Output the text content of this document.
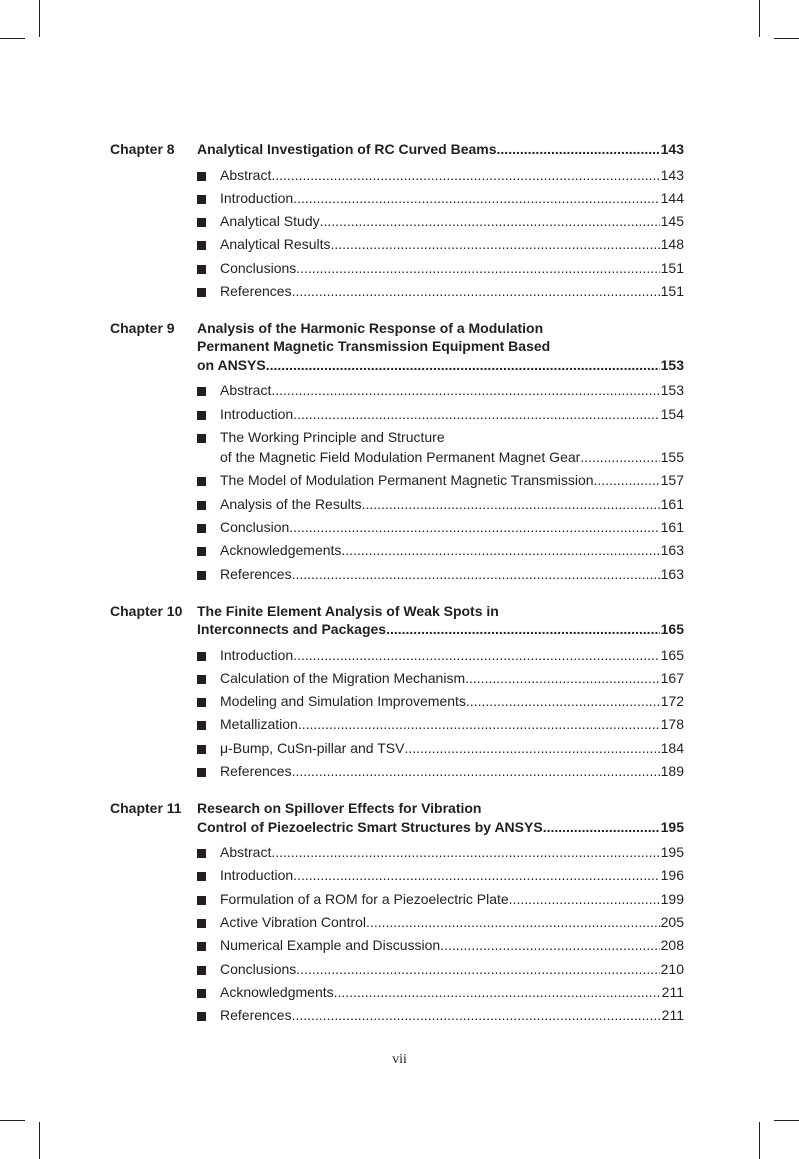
Chapter 8 Analytical Investigation of RC Curved Beams .....	143
Abstract .....	143
Introduction .....	144
Analytical Study .....	145
Analytical Results .....	148
Conclusions .....	151
References .....	151
Chapter 9 Analysis of the Harmonic Response of a Modulation
Permanent Magnetic Transmission Equipment Based
on ANSYS .....	153
Abstract .....	153
Introduction .....	154
The Working Principle and Structure
of the Magnetic Field Modulation Permanent Magnet Gear .....	155
The Model of Modulation Permanent Magnetic Transmission .....	157
Analysis of the Results .....	161
Conclusion .....	161
Acknowledgements .....	163
References .....	163
Chapter 10 The Finite Element Analysis of Weak Spots in
Interconnects and Packages .....	165
Introduction .....	165
Calculation of the Migration Mechanism .....	167
Modeling and Simulation Improvements .....	172
Metallization .....	178
μ-Bump, CuSn-pillar and TSV .....	184
References .....	189
Chapter 11 Research on Spillover Effects for Vibration
Control of Piezoelectric Smart Structures by ANSYS .....	195
Abstract .....	195
Introduction .....	196
Formulation of a ROM for a Piezoelectric Plate .....	199
Active Vibration Control .....	205
Numerical Example and Discussion .....	208
Conclusions .....	210
Acknowledgments .....	211
References .....	211
vii
